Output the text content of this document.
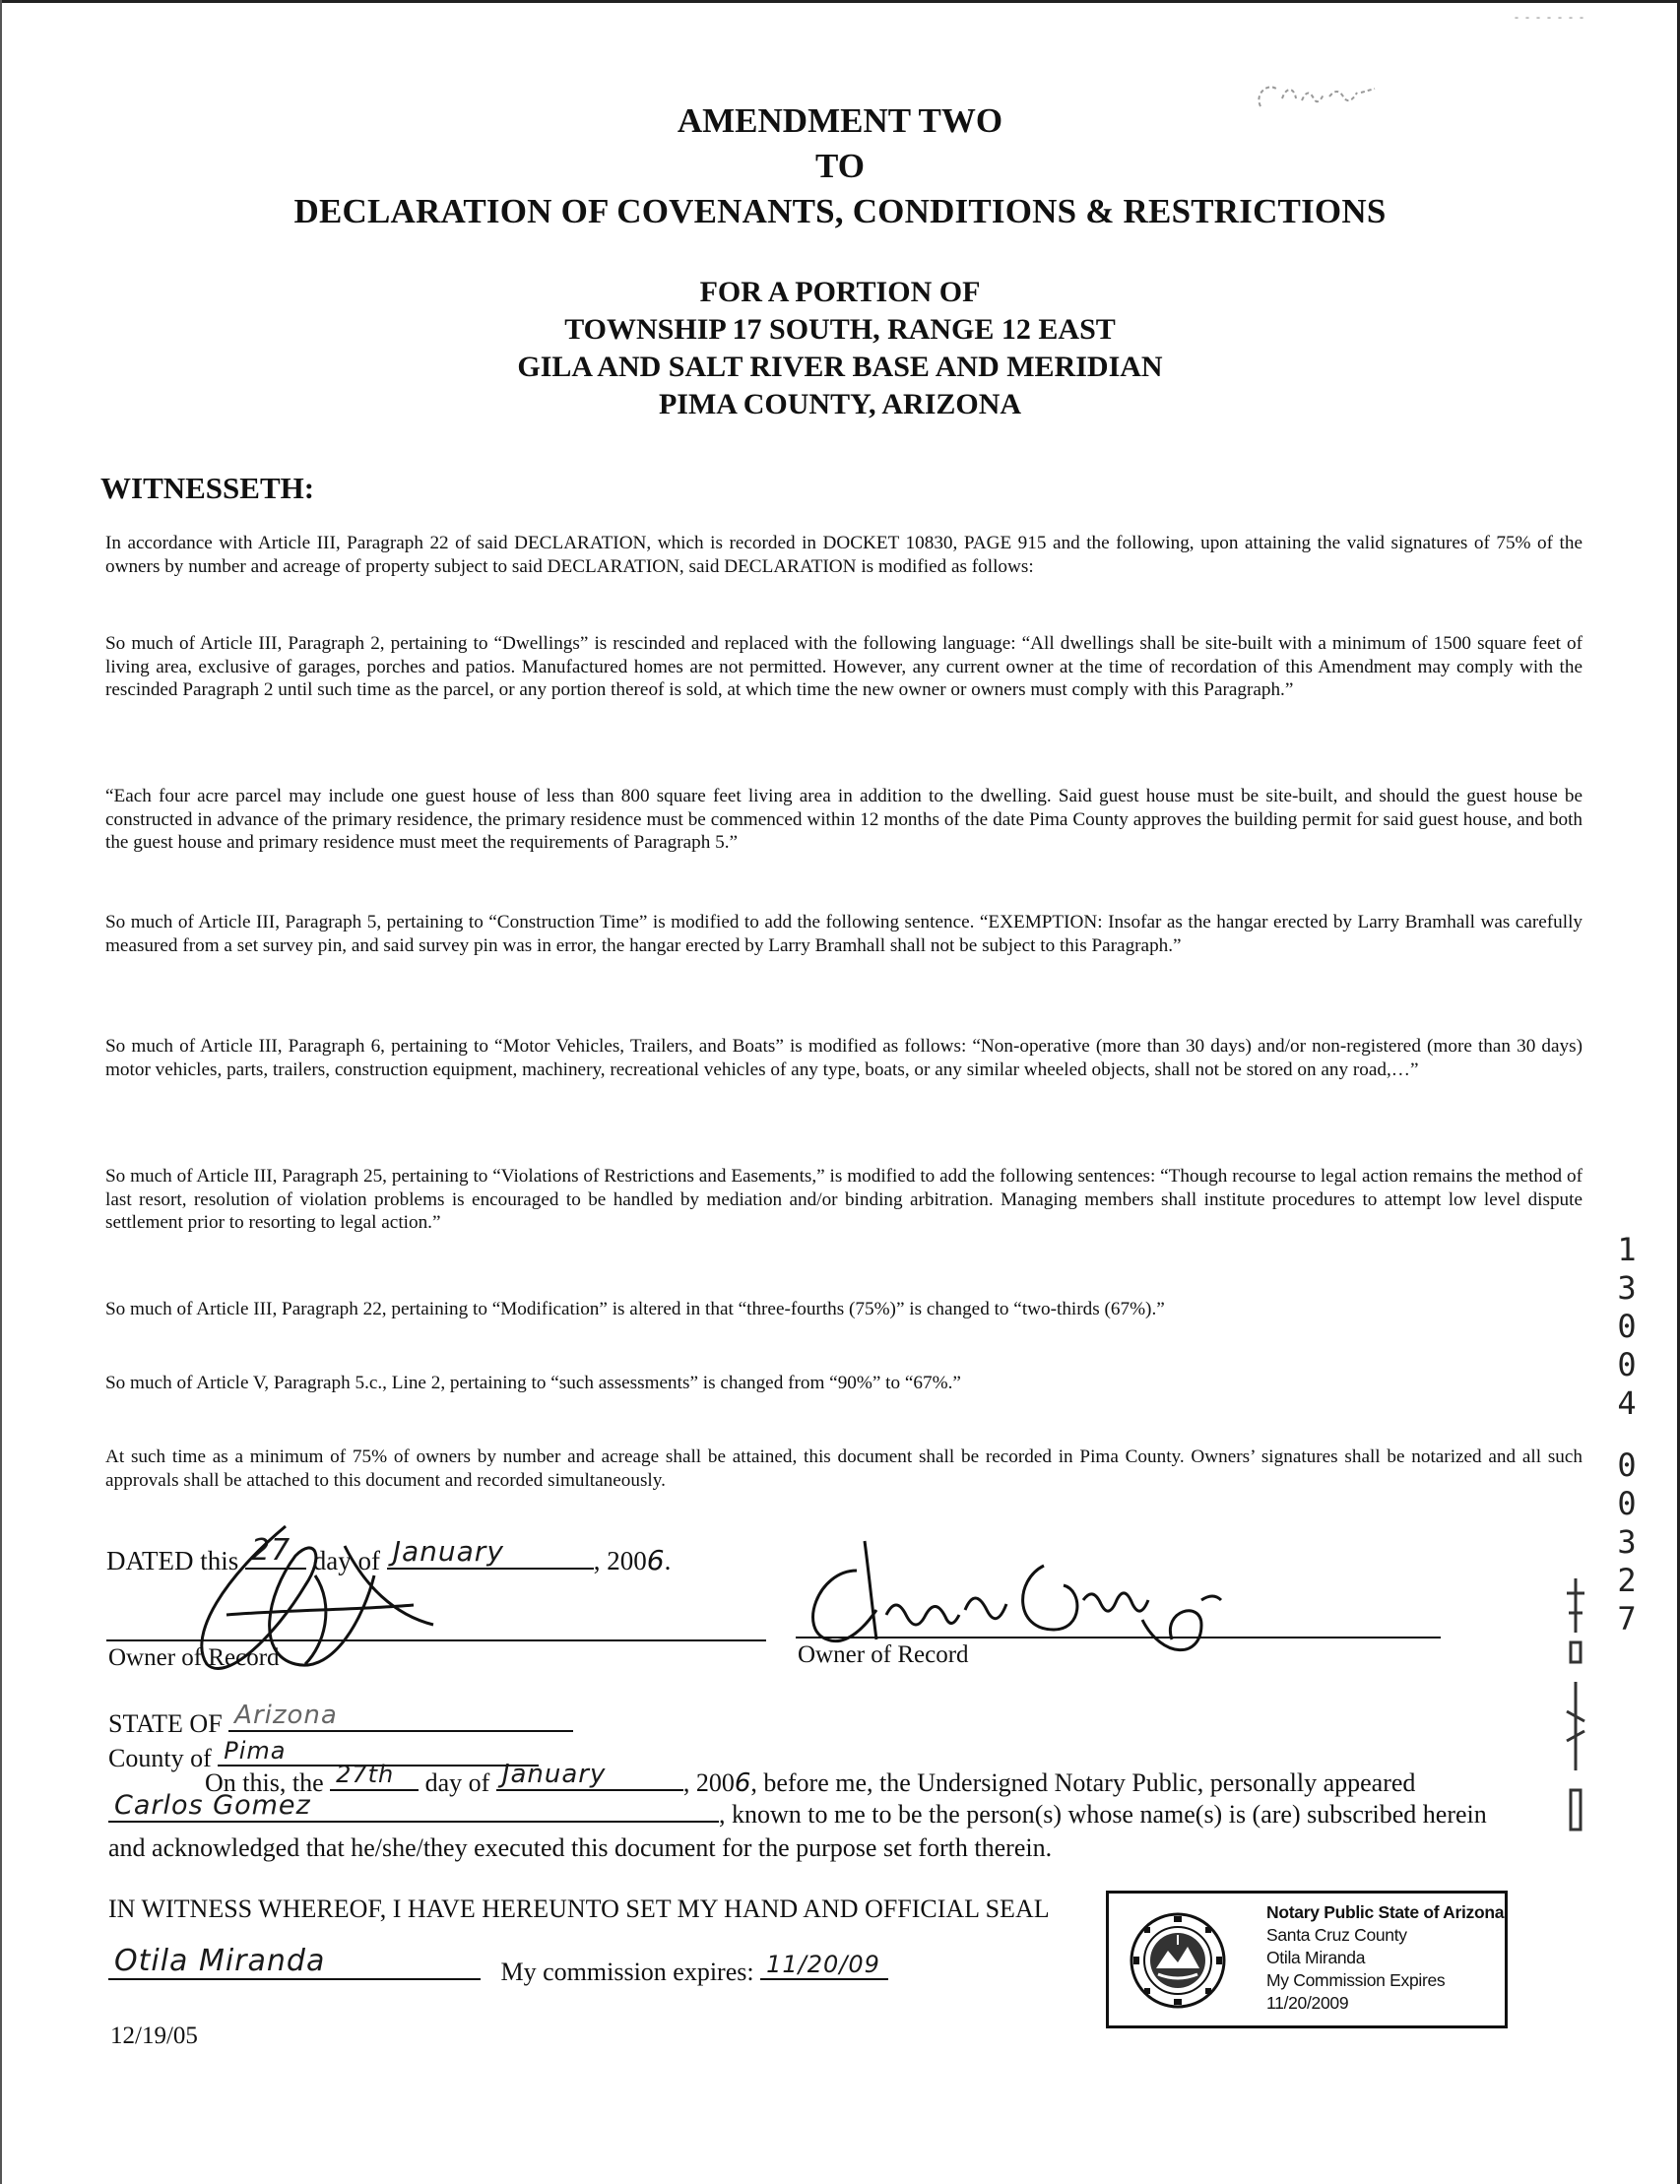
- - - - - - -
AMENDMENT TWO
TO
DECLARATION OF COVENANTS, CONDITIONS & RESTRICTIONS
FOR A PORTION OF
TOWNSHIP 17 SOUTH, RANGE 12 EAST
GILA AND SALT RIVER BASE AND MERIDIAN
PIMA COUNTY, ARIZONA
WITNESSETH:
In accordance with Article III, Paragraph 22 of said DECLARATION, which is recorded in DOCKET 10830, PAGE 915 and the following, upon attaining the valid signatures of 75% of the owners by number and acreage of property subject to said DECLARATION, said DECLARATION is modified as follows:
So much of Article III, Paragraph 2, pertaining to “Dwellings” is rescinded and replaced with the following language: “All dwellings shall be site-built with a minimum of 1500 square feet of living area, exclusive of garages, porches and patios. Manufactured homes are not permitted. However, any current owner at the time of recordation of this Amendment may comply with the rescinded Paragraph 2 until such time as the parcel, or any portion thereof is sold, at which time the new owner or owners must comply with this Paragraph.”
“Each four acre parcel may include one guest house of less than 800 square feet living area in addition to the dwelling. Said guest house must be site-built, and should the guest house be constructed in advance of the primary residence, the primary residence must be commenced within 12 months of the date Pima County approves the building permit for said guest house, and both the guest house and primary residence must meet the requirements of Paragraph 5.”
So much of Article III, Paragraph 5, pertaining to “Construction Time” is modified to add the following sentence. “EXEMPTION: Insofar as the hangar erected by Larry Bramhall was carefully measured from a set survey pin, and said survey pin was in error, the hangar erected by Larry Bramhall shall not be subject to this Paragraph.”
So much of Article III, Paragraph 6, pertaining to “Motor Vehicles, Trailers, and Boats” is modified as follows: “Non-operative (more than 30 days) and/or non-registered (more than 30 days) motor vehicles, parts, trailers, construction equipment, machinery, recreational vehicles of any type, boats, or any similar wheeled objects, shall not be stored on any road,…”
So much of Article III, Paragraph 25, pertaining to “Violations of Restrictions and Easements,” is modified to add the following sentences: “Though recourse to legal action remains the method of last resort, resolution of violation problems is encouraged to be handled by mediation and/or binding arbitration. Managing members shall institute procedures to attempt low level dispute settlement prior to resorting to legal action.”
So much of Article III, Paragraph 22, pertaining to “Modification” is altered in that “three-fourths (75%)” is changed to “two-thirds (67%).”
So much of Article V, Paragraph 5.c., Line 2, pertaining to “such assessments” is changed from “90%” to “67%.”
At such time as a minimum of 75% of owners by number and acreage shall be attained, this document shall be recorded in Pima County. Owners’ signatures shall be notarized and all such approvals shall be attached to this document and recorded simultaneously.
DATED this 27 day of January	, 2006.
Owner of Record	Owner of Record
STATE OF Arizona
County of Pima
On this, the 27th day of January	, 2006, before me, the Undersigned Notary Public, personally appeared
Carlos Gomez	, known to me to be the person(s) whose name(s) is (are) subscribed herein
and acknowledged that he/she/they executed this document for the purpose set forth therein.
IN WITNESS WHEREOF, I HAVE HEREUNTO SET MY HAND AND OFFICIAL SEAL
Otila Miranda	My commission expires: 11/20/09
12/19/05
Notary Public State of Arizona
Santa Cruz County
Otila Miranda
My Commission Expires
11/20/2009
1
3
0
0
4
0
0
3
2
7
